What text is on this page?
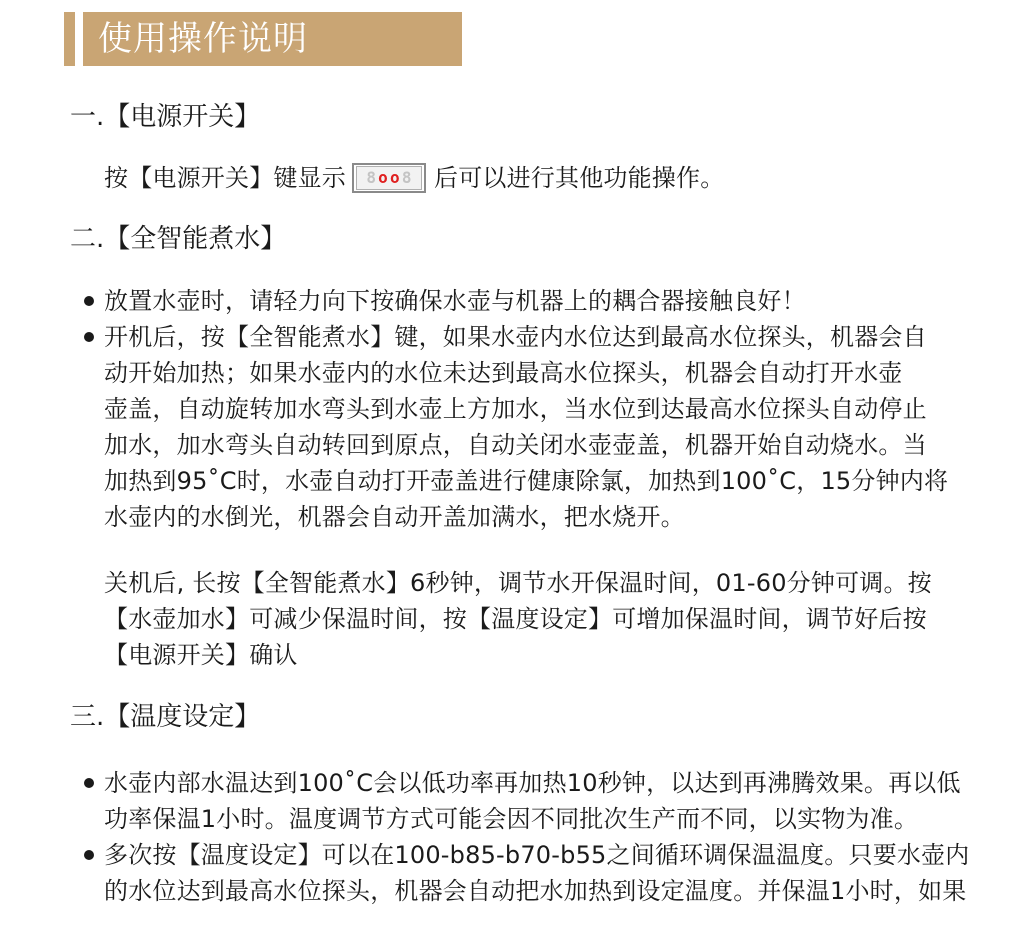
使用操作说明
一.【电源开关】
按【电源开关】键显示 8 o o 8 后可以进行其他功能操作。
二.【全智能煮水】
放置水壶时，请轻力向下按确保水壶与机器上的耦合器接触良好！
开机后，按【全智能煮水】键，如果水壶内水位达到最高水位探头，机器会自
动开始加热；如果水壶内的水位未达到最高水位探头，机器会自动打开水壶
壶盖，自动旋转加水弯头到水壶上方加水，当水位到达最高水位探头自动停止
加水，加水弯头自动转回到原点，自动关闭水壶壶盖，机器开始自动烧水。当
加热到95˚C时，水壶自动打开壶盖进行健康除氯，加热到100˚C，15分钟内将
水壶内的水倒光，机器会自动开盖加满水，把水烧开。
关机后, 长按【全智能煮水】6秒钟，调节水开保温时间，01-60分钟可调。按
【水壶加水】可减少保温时间，按【温度设定】可增加保温时间，调节好后按
【电源开关】确认
三.【温度设定】
水壶内部水温达到100˚C会以低功率再加热10秒钟，以达到再沸腾效果。再以低
功率保温1小时。温度调节方式可能会因不同批次生产而不同，以实物为准。
多次按【温度设定】可以在100-b85-b70-b55之间循环调保温温度。只要水壶内
的水位达到最高水位探头，机器会自动把水加热到设定温度。并保温1小时，如果
